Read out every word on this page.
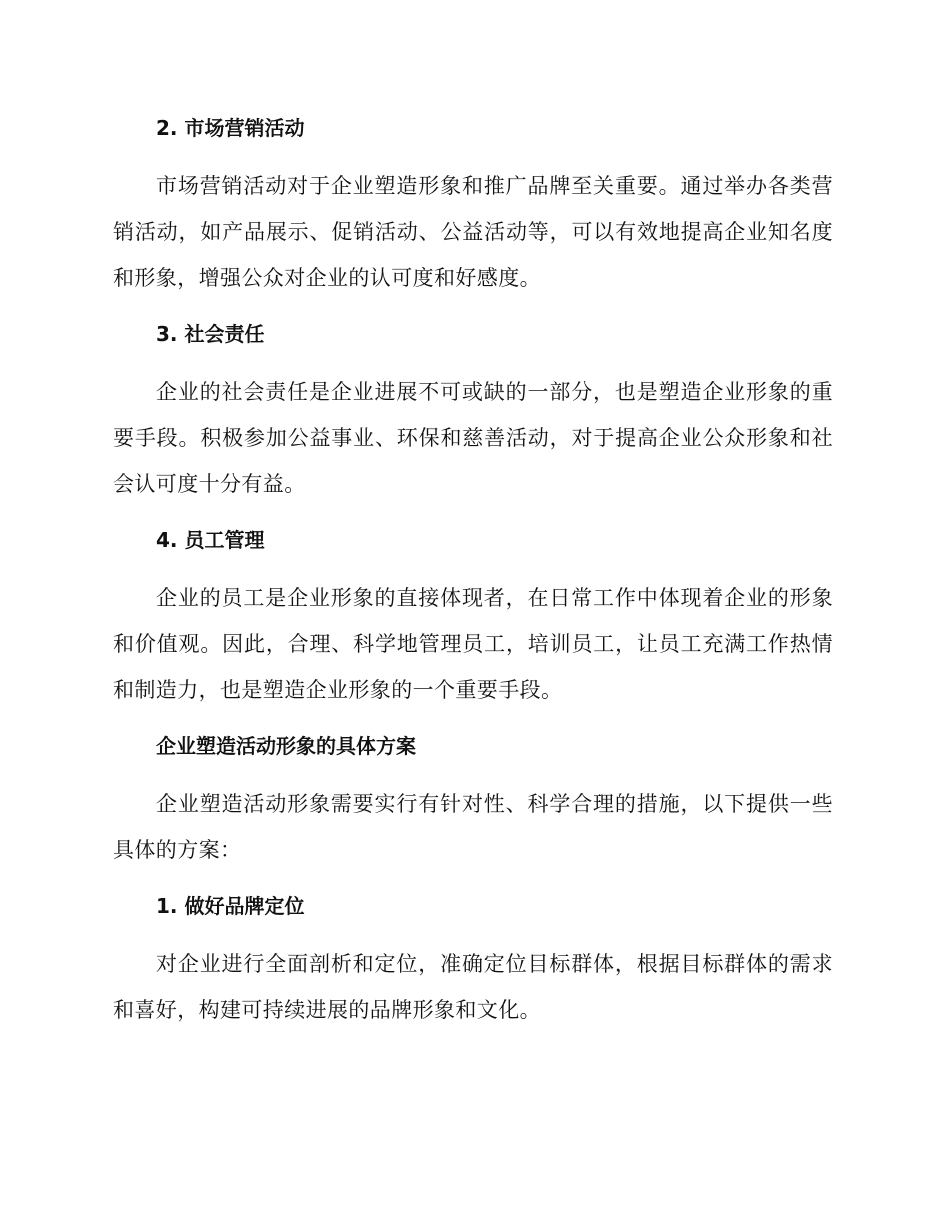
2. 市场营销活动

市场营销活动对于企业塑造形象和推广品牌至关重要。通过举办各类营销活动，如产品展示、促销活动、公益活动等，可以有效地提高企业知名度和形象，增强公众对企业的认可度和好感度。

3. 社会责任

企业的社会责任是企业进展不可或缺的一部分，也是塑造企业形象的重要手段。积极参加公益事业、环保和慈善活动，对于提高企业公众形象和社会认可度十分有益。

4. 员工管理

企业的员工是企业形象的直接体现者，在日常工作中体现着企业的形象和价值观。因此，合理、科学地管理员工，培训员工，让员工充满工作热情和制造力，也是塑造企业形象的一个重要手段。

企业塑造活动形象的具体方案

企业塑造活动形象需要实行有针对性、科学合理的措施，以下提供一些具体的方案：

1. 做好品牌定位

对企业进行全面剖析和定位，准确定位目标群体，根据目标群体的需求和喜好，构建可持续进展的品牌形象和文化。
